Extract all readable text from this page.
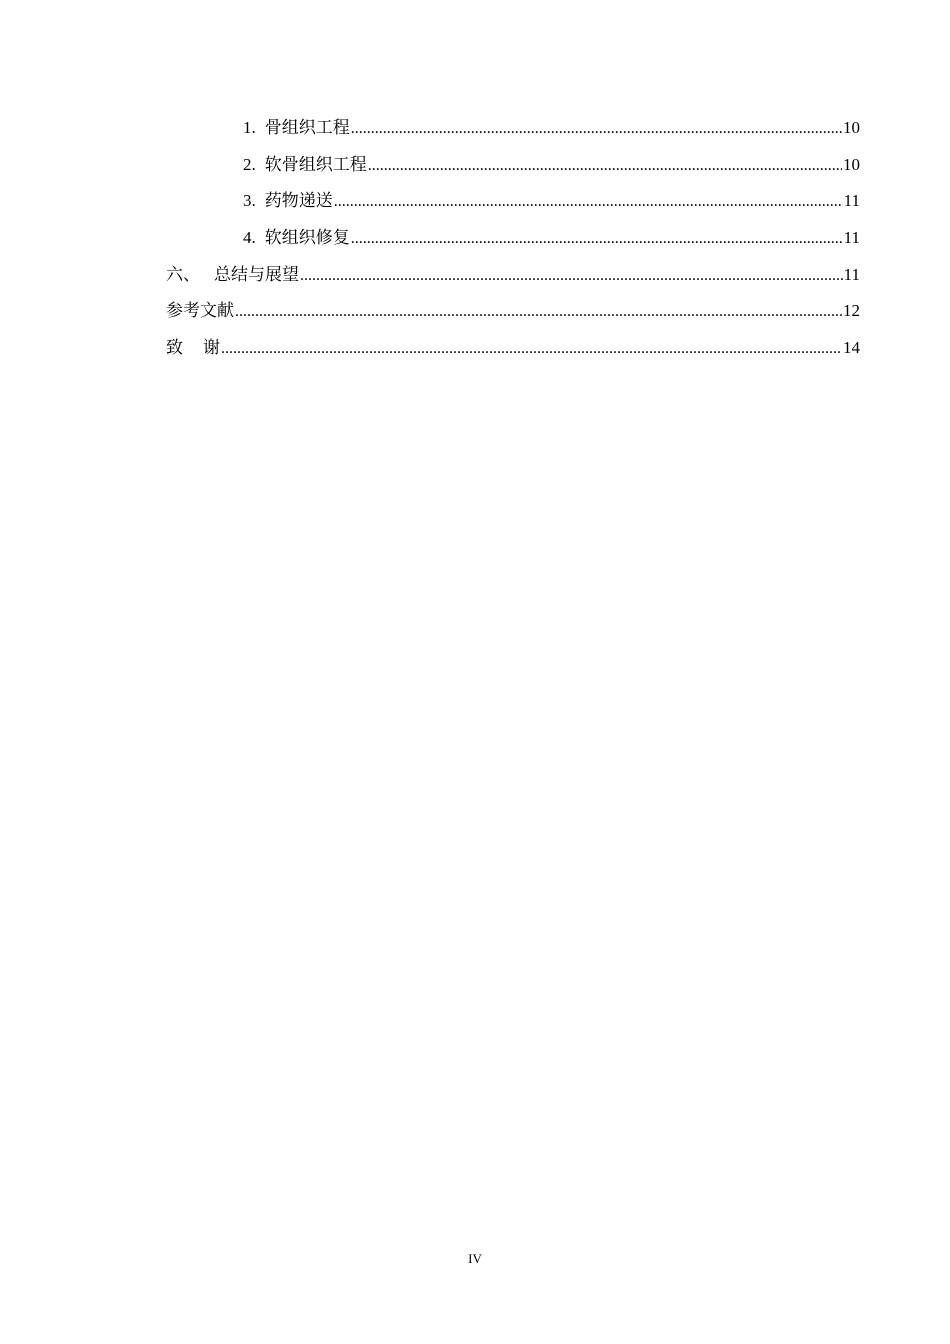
1. 骨组织工程 .....	10
2. 软骨组织工程 .....	10
3. 药物递送 .....	11
4. 软组织修复 .....	11
六、 总结与展望 .....	11
参考文献 .....	12
致谢 .....	14
IV
